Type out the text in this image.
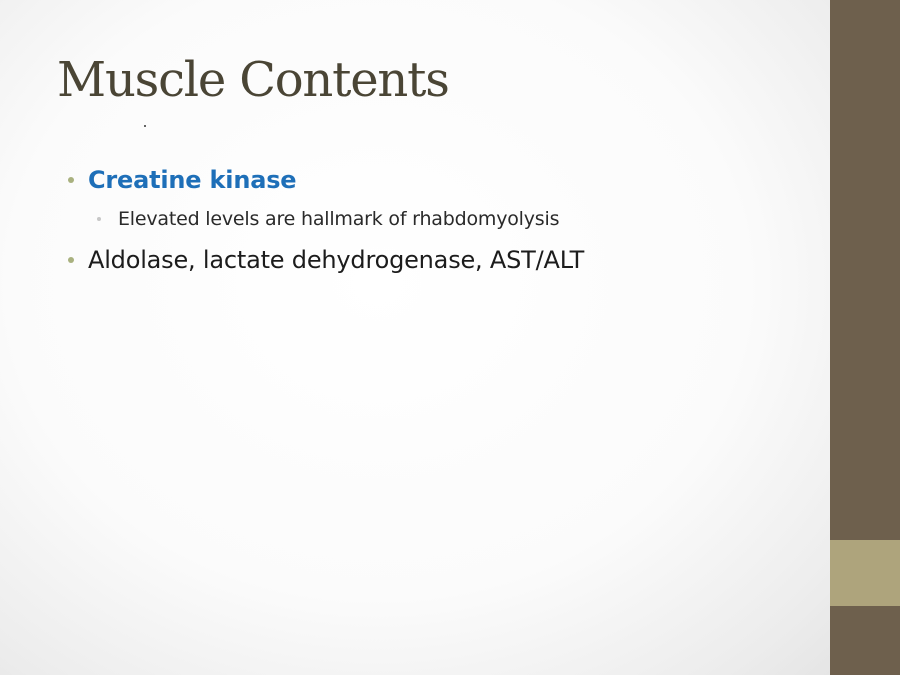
Muscle Contents
Creatine kinase
Elevated levels are hallmark of rhabdomyolysis
Aldolase, lactate dehydrogenase, AST/ALT
